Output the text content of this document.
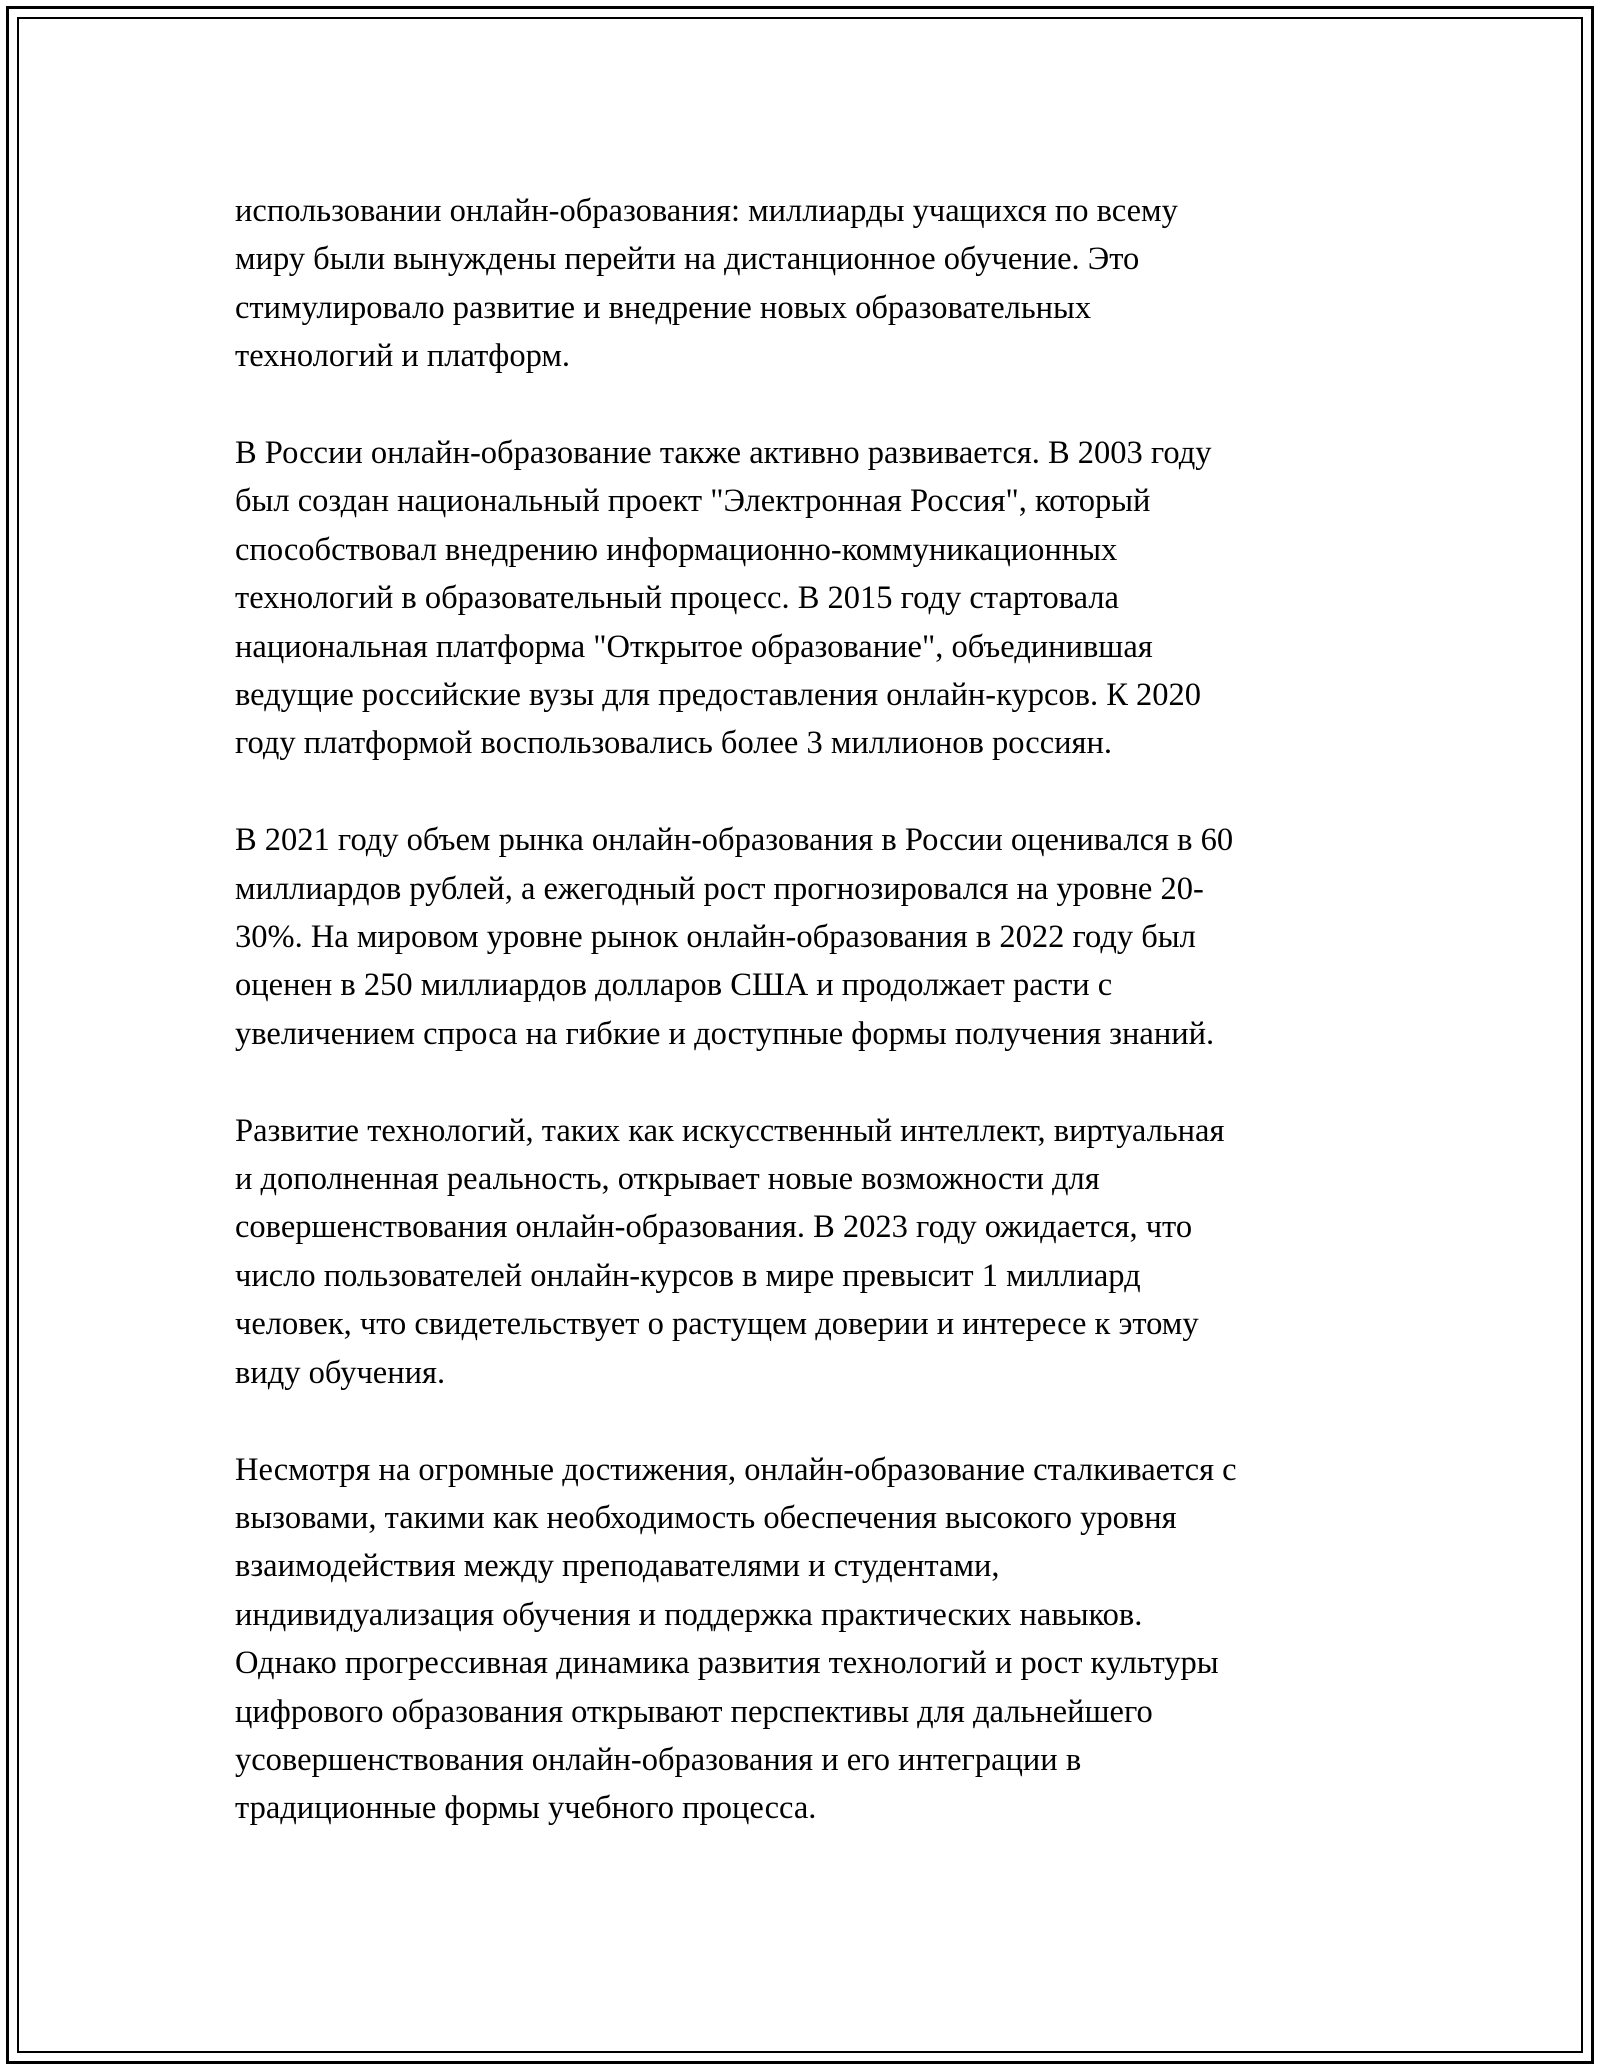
использовании онлайн-образования: миллиарды учащихся по всему
миру были вынуждены перейти на дистанционное обучение. Это
стимулировало развитие и внедрение новых образовательных
технологий и платформ.

В России онлайн-образование также активно развивается. В 2003 году
был создан национальный проект "Электронная Россия", который
способствовал внедрению информационно-коммуникационных
технологий в образовательный процесс. В 2015 году стартовала
национальная платформа "Открытое образование", объединившая
ведущие российские вузы для предоставления онлайн-курсов. К 2020
году платформой воспользовались более 3 миллионов россиян.

В 2021 году объем рынка онлайн-образования в России оценивался в 60
миллиардов рублей, а ежегодный рост прогнозировался на уровне 20-
30%. На мировом уровне рынок онлайн-образования в 2022 году был
оценен в 250 миллиардов долларов США и продолжает расти с
увеличением спроса на гибкие и доступные формы получения знаний.

Развитие технологий, таких как искусственный интеллект, виртуальная
и дополненная реальность, открывает новые возможности для
совершенствования онлайн-образования. В 2023 году ожидается, что
число пользователей онлайн-курсов в мире превысит 1 миллиард
человек, что свидетельствует о растущем доверии и интересе к этому
виду обучения.

Несмотря на огромные достижения, онлайн-образование сталкивается с
вызовами, такими как необходимость обеспечения высокого уровня
взаимодействия между преподавателями и студентами,
индивидуализация обучения и поддержка практических навыков.
Однако прогрессивная динамика развития технологий и рост культуры
цифрового образования открывают перспективы для дальнейшего
усовершенствования онлайн-образования и его интеграции в
традиционные формы учебного процесса.
